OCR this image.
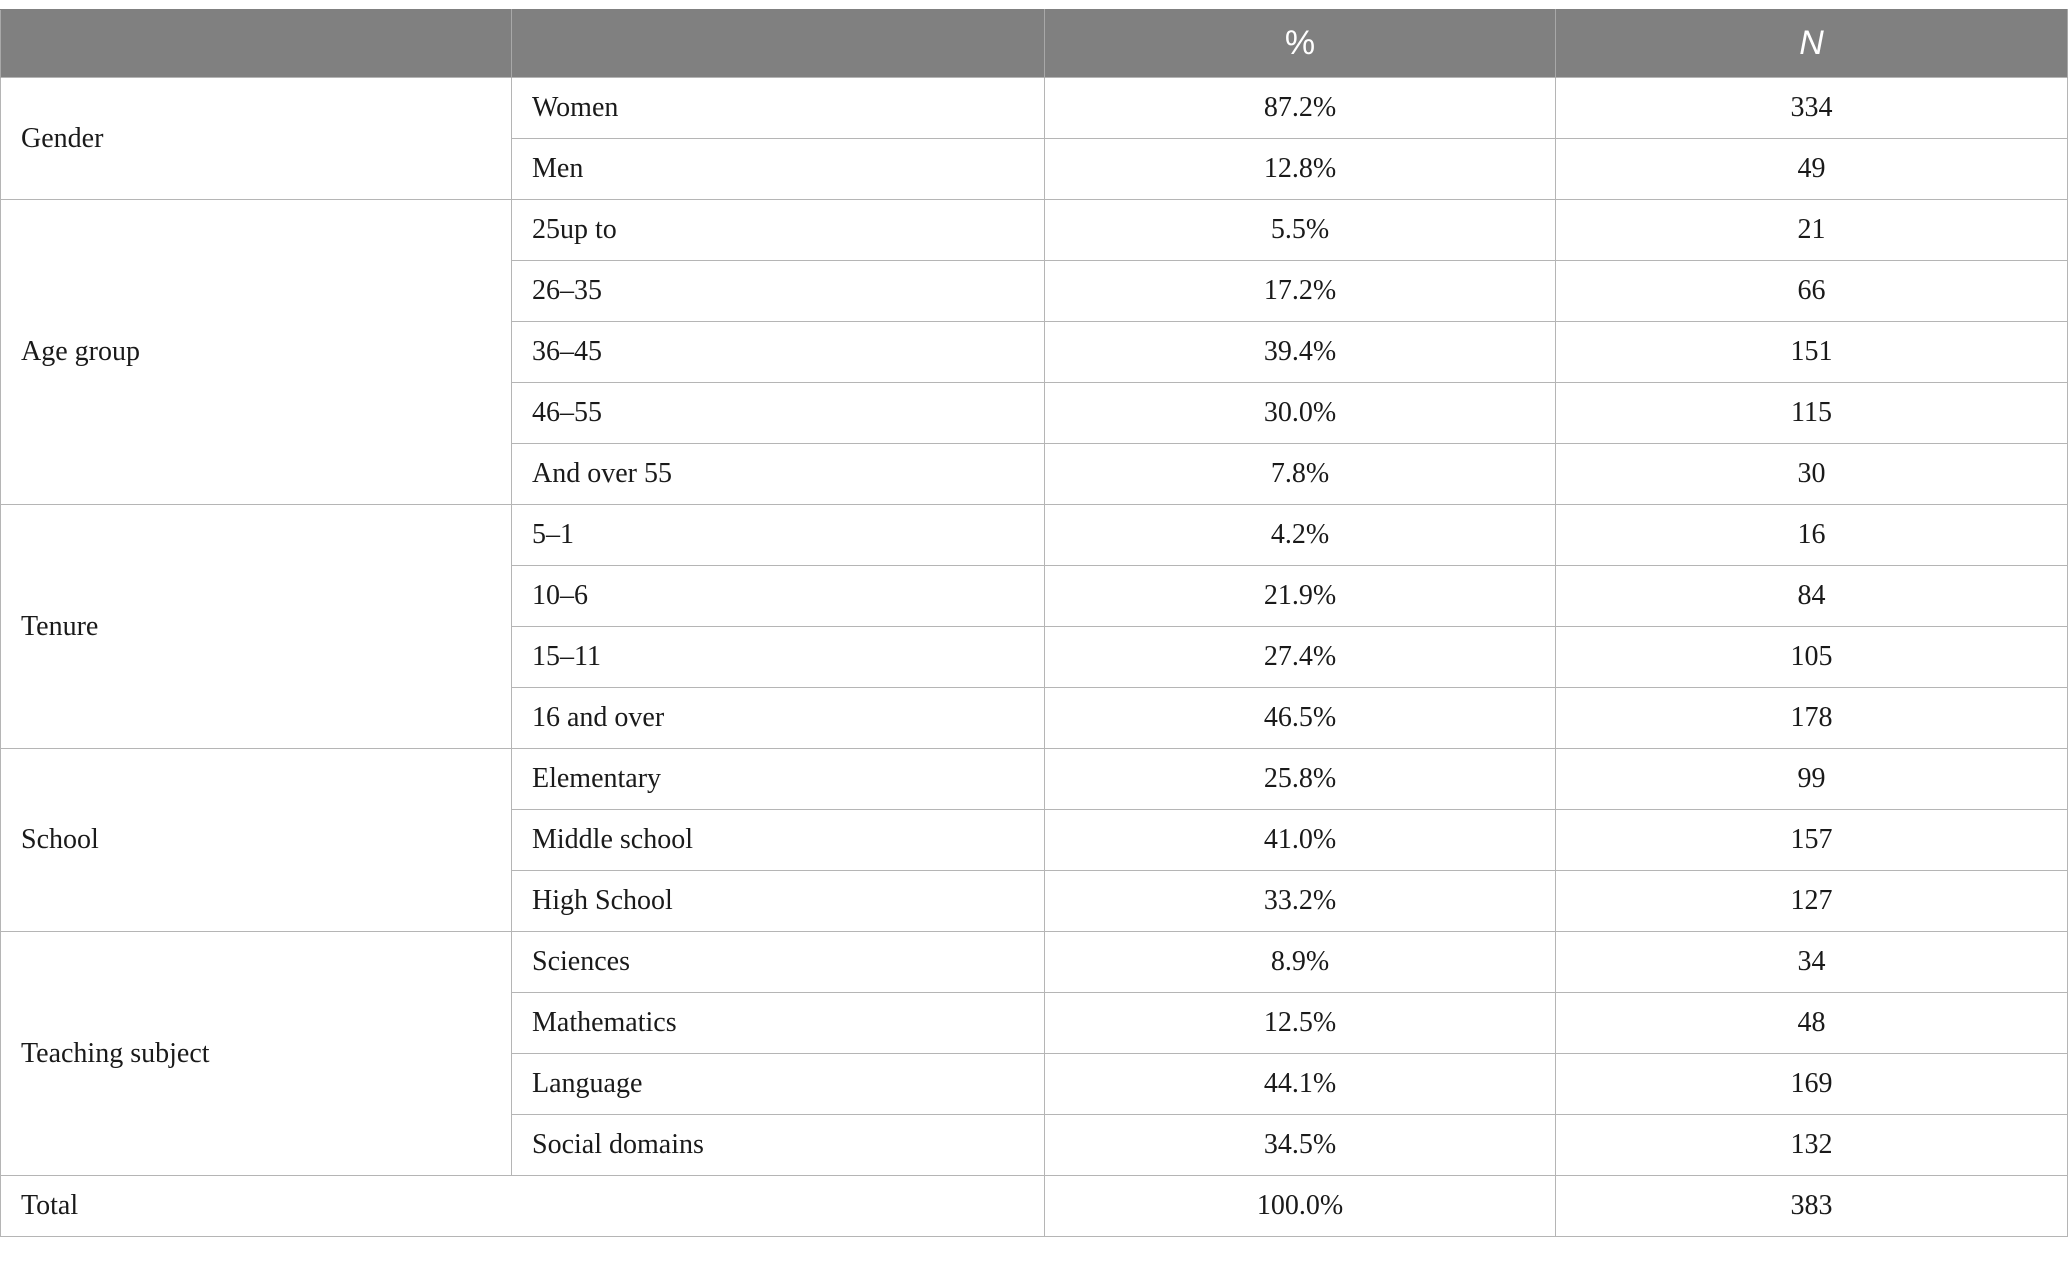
		%	N
Gender	Women	87.2%	334
	Men	12.8%	49
Age group	25up to	5.5%	21
	26–35	17.2%	66
	36–45	39.4%	151
	46–55	30.0%	115
	And over 55	7.8%	30
Tenure	5–1	4.2%	16
	10–6	21.9%	84
	15–11	27.4%	105
	16 and over	46.5%	178
School	Elementary	25.8%	99
	Middle school	41.0%	157
	High School	33.2%	127
Teaching subject	Sciences	8.9%	34
	Mathematics	12.5%	48
	Language	44.1%	169
	Social domains	34.5%	132
Total		100.0%	383
